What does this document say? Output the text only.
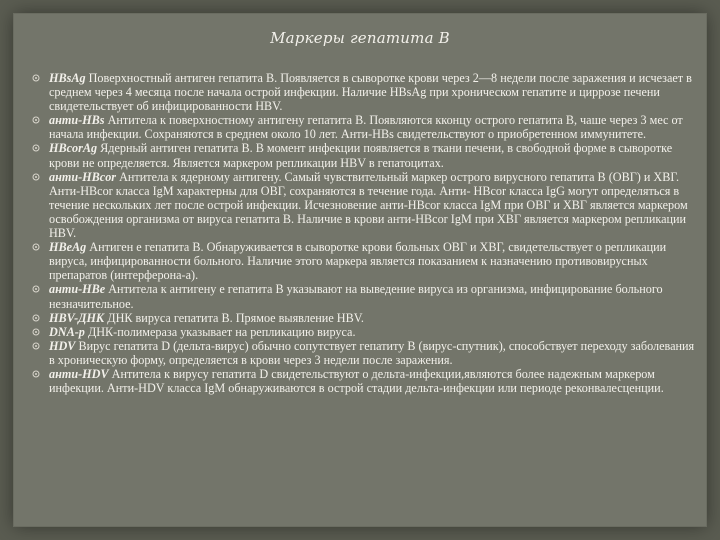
Маркеры гепатита В
HBsAg Поверхностный антиген гепатита B. Появляется в сыворотке крови через 2—8 недели после заражения и исчезает в среднем через 4 месяца после начала острой инфекции. Наличие HBsAg при хроническом гепатите и циррозе печени свидетельствует об инфицированности HBV.
анти-HBs Антитела к поверхностному антигену гепатита В. Появляются кконцу острого гепатита В, чаше через 3 мес от начала инфекции. Сохраняются в среднем около 10 лет. Анти-HBs свидетельствуют о приобретенном иммунитете.
HBcorAg Ядерный антиген гепатита В. В момент инфекции появляется в ткани печени, в свободной форме в сыворотке крови не определяется. Является маркером репликации HBV в гепатоцитах.
анти-HBcor Антитела к ядерному антигену. Самый чувствительный маркер острого вирусного гепатита В (ОВГ) и ХВГ. Анти-HBcor класса IgM характерны для ОВГ, сохраняются в течение года. Анти- HBcor класса IgG могут определяться в течение нескольких лет после острой инфекции. Исчезновение анти-HBcor класса IgM при ОВГ и ХВГ является маркером освобождения организма от вируса гепатита В. Наличие в крови анти-HBcor IgM при ХВГ является маркером репликации HBV.
HBeAg Антиген е гепатита B. Обнаруживается в сыворотке крови больных ОВГ и ХВГ, свидетельствует о репликации вируса, инфицированности больного. Наличие этого маркера является показанием к назначению противовирусных препаратов (интерферона-а).
анти-HBe Антитела к антигену е гепатита В указывают на выведение вируса из организма, инфицирование больного незначительное.
HBV-ДНК ДНК вируса гепатита В. Прямое выявление HBV.
DNA-р ДНК-полимераза указывает на репликацию вируса.
HDV Вирус гепатита D (дельта-вирус) обычно сопутствует гепатиту В (вирус-спутник), способствует переходу заболевания в хроническую форму, определяется в крови через 3 недели после заражения.
анти-HDV Антитела к вирусу гепатита D свидетельствуют о дельта-инфекции,являются более надежным маркером инфекции. Анти-HDV класса IgM обнаруживаются в острой стадии дельта-инфекции или периоде реконвалесценции.
